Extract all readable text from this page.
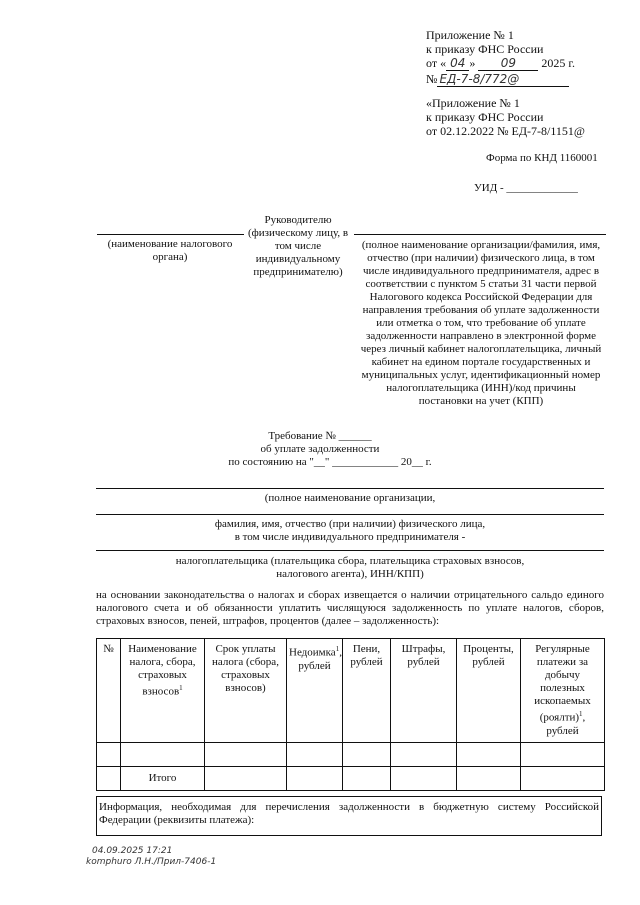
Приложение № 1
к приказу ФНС России
от « 04 » 09 2025 г.
№ ЕД-7-8/772@
«Приложение № 1
к приказу ФНС России
от 02.12.2022 № ЕД-7-8/1151@
Форма по КНД 1160001
УИД - _____________
(наименование налогового органа)
Руководителю (физическому лицу, в том числе индивидуальному предпринимателю)
(полное наименование организации/фамилия, имя, отчество (при наличии) физического лица, в том числе индивидуального предпринимателя, адрес в соответствии с пунктом 5 статьи 31 части первой Налогового кодекса Российской Федерации для направления требования об уплате задолженности или отметка о том, что требование об уплате задолженности направлено в электронной форме через личный кабинет налогоплательщика, личный кабинет на едином портале государственных и муниципальных услуг, идентификационный номер налогоплательщика (ИНН)/код причины постановки на учет (КПП)
Требование № ______
об уплате задолженности
по состоянию на "__" ____________ 20__ г.
(полное наименование организации,
фамилия, имя, отчество (при наличии) физического лица,
в том числе индивидуального предпринимателя -
налогоплательщика (плательщика сбора, плательщика страховых взносов,
налогового агента), ИНН/КПП)
на основании законодательства о налогах и сборах извещается о наличии отрицательного сальдо единого налогового счета и об обязанности уплатить числящуюся задолженность по уплате налогов, сборов, страховых взносов, пеней, штрафов, процентов (далее – задолженность):
№	Наименование налога, сбора, страховых взносов$^1$	Срок уплаты налога (сбора, страховых взносов)	Недоимка$^1$, рублей	Пени, рублей	Штрафы, рублей	Проценты, рублей	Регулярные платежи за добычу полезных ископаемых (роялти)$^1$, рублей

	Итого						
Информация, необходимая для перечисления задолженности в бюджетную систему Российской Федерации (реквизиты платежа):
04.09.2025 17:21
komphuro Л.Н./Прил-7406-1
